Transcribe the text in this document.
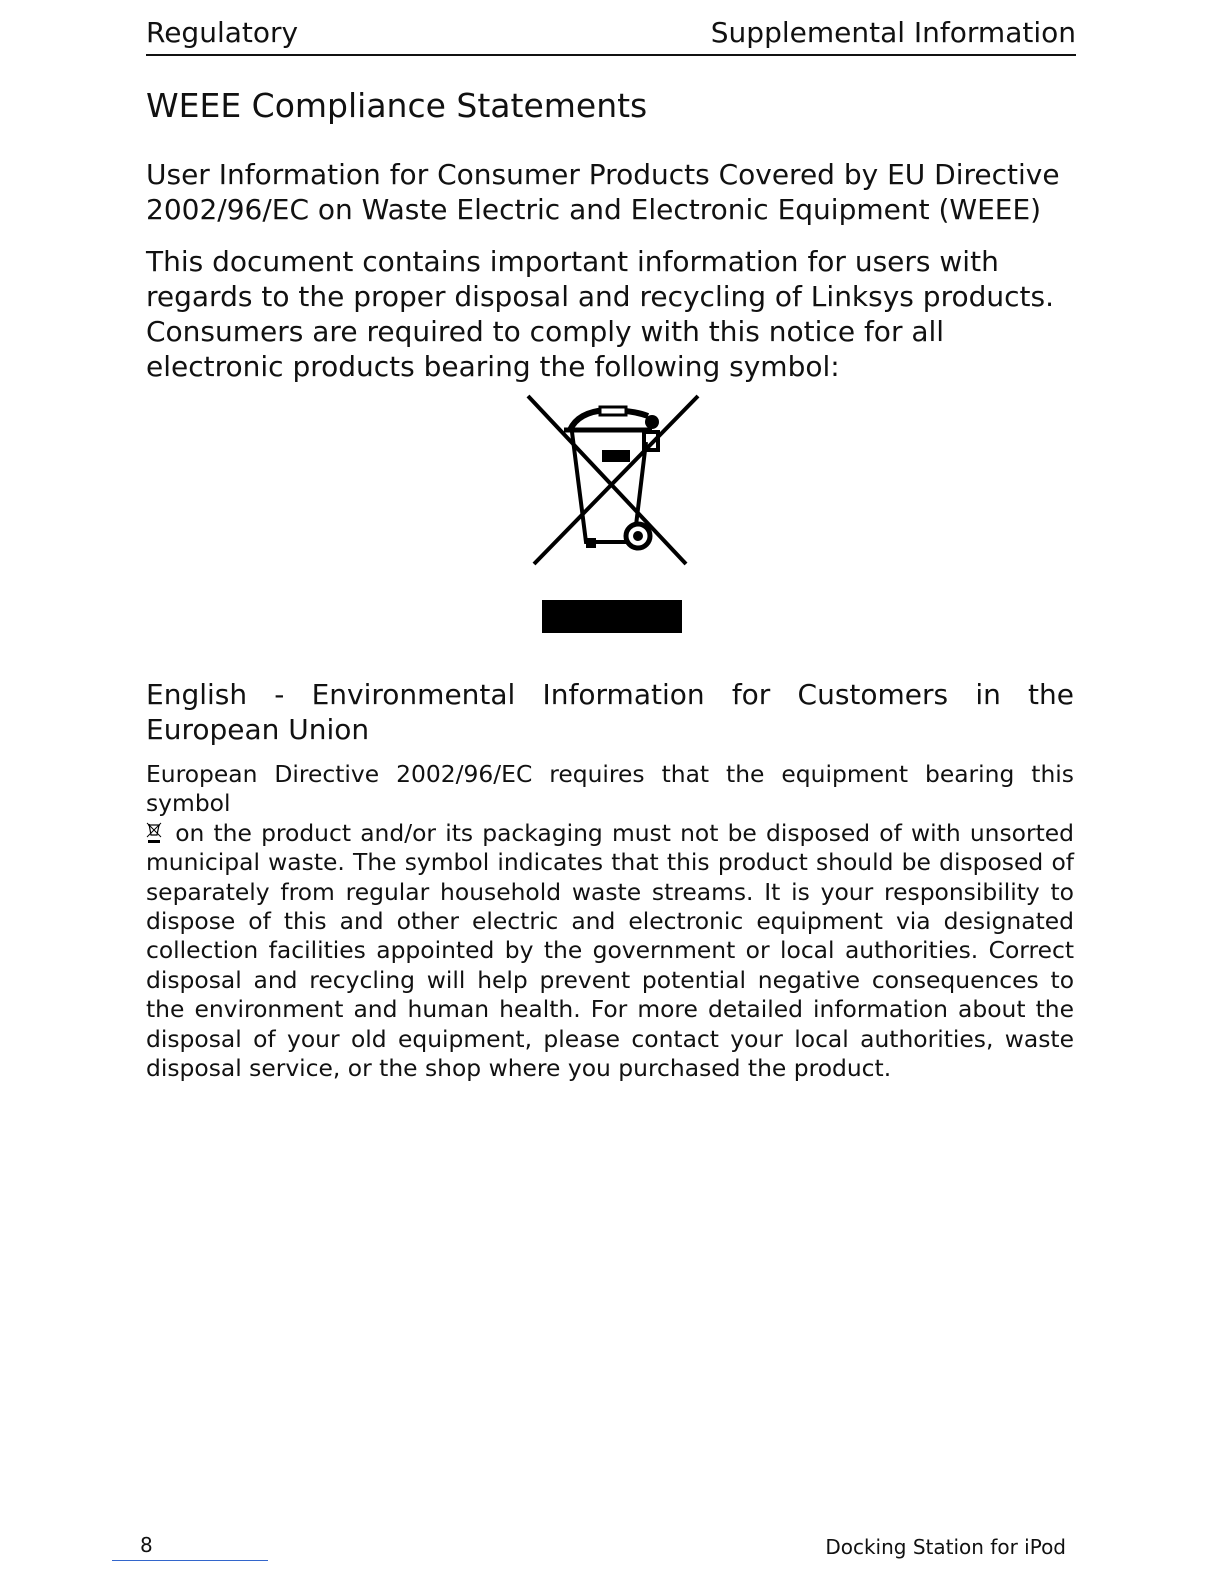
Regulatory	Supplemental Information
WEEE Compliance Statements

User Information for Consumer Products Covered by EU Directive 2002/96/EC on Waste Electric and Electronic Equipment (WEEE)

This document contains important information for users with regards to the proper disposal and recycling of Linksys products. Consumers are required to comply with this notice for all electronic products bearing the following symbol:

English - Environmental Information for Customers in the European Union

European Directive 2002/96/EC requires that the equipment bearing this symbol
on the product and/or its packaging must not be disposed of with unsorted municipal waste. The symbol indicates that this product should be disposed of separately from regular household waste streams. It is your responsibility to dispose of this and other electric and electronic equipment via designated collection facilities appointed by the government or local authorities. Correct disposal and recycling will help prevent potential negative consequences to the environment and human health. For more detailed information about the disposal of your old equipment, please contact your local authorities, waste disposal service, or the shop where you purchased the product.

8	Docking Station for iPod
